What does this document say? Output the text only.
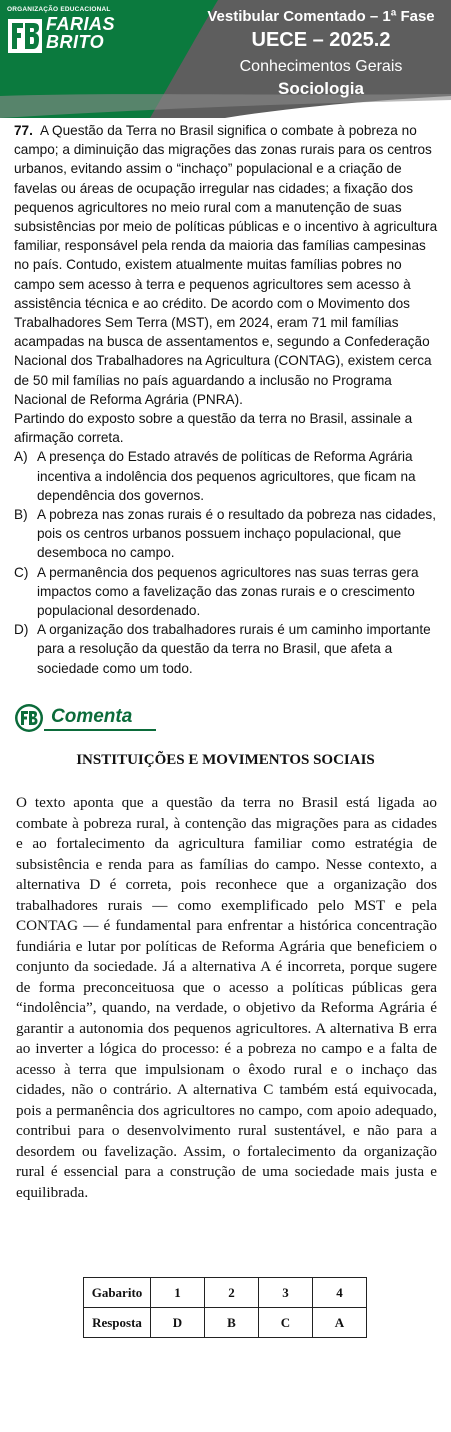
ORGANIZAÇÃO EDUCACIONAL
FARIAS
BRITO
Vestibular Comentado – 1ª Fase
UECE – 2025.2
Conhecimentos Gerais
Sociologia

77. A Questão da Terra no Brasil significa o combate à pobreza no campo; a diminuição das migrações das zonas rurais para os centros urbanos, evitando assim o “inchaço” populacional e a criação de favelas ou áreas de ocupação irregular nas cidades; a fixação dos pequenos agricultores no meio rural com a manutenção de suas subsistências por meio de políticas públicas e o incentivo à agricultura familiar, responsável pela renda da maioria das famílias campesinas no país. Contudo, existem atualmente muitas famílias pobres no campo sem acesso à terra e pequenos agricultores sem acesso à assistência técnica e ao crédito. De acordo com o Movimento dos Trabalhadores Sem Terra (MST), em 2024, eram 71 mil famílias acampadas na busca de assentamentos e, segundo a Confederação Nacional dos Trabalhadores na Agricultura (CONTAG), existem cerca de 50 mil famílias no país aguardando a inclusão no Programa Nacional de Reforma Agrária (PNRA).

Partindo do exposto sobre a questão da terra no Brasil, assinale a afirmação correta.

A) A presença do Estado através de políticas de Reforma Agrária incentiva a indolência dos pequenos agricultores, que ficam na dependência dos governos.
B) A pobreza nas zonas rurais é o resultado da pobreza nas cidades, pois os centros urbanos possuem inchaço populacional, que desemboca no campo.
C) A permanência dos pequenos agricultores nas suas terras gera impactos como a favelização das zonas rurais e o crescimento populacional desordenado.
D) A organização dos trabalhadores rurais é um caminho importante para a resolução da questão da terra no Brasil, que afeta a sociedade como um todo.
Comenta
INSTITUIÇÕES E MOVIMENTOS SOCIAIS

O texto aponta que a questão da terra no Brasil está ligada ao combate à pobreza rural, à contenção das migrações para as cidades e ao fortalecimento da agricultura familiar como estratégia de subsistência e renda para as famílias do campo. Nesse contexto, a alternativa D é correta, pois reconhece que a organização dos trabalhadores rurais — como exemplificado pelo MST e pela CONTAG — é fundamental para enfrentar a histórica concentração fundiária e lutar por políticas de Reforma Agrária que beneficiem o conjunto da sociedade. Já a alternativa A é incorreta, porque sugere de forma preconceituosa que o acesso a políticas públicas gera “indolência”, quando, na verdade, o objetivo da Reforma Agrária é garantir a autonomia dos pequenos agricultores. A alternativa B erra ao inverter a lógica do processo: é a pobreza no campo e a falta de acesso à terra que impulsionam o êxodo rural e o inchaço das cidades, não o contrário. A alternativa C também está equivocada, pois a permanência dos agricultores no campo, com apoio adequado, contribui para o desenvolvimento rural sustentável, e não para a desordem ou favelização. Assim, o fortalecimento da organização rural é essencial para a construção de uma sociedade mais justa e equilibrada.

Gabarito	1	2	3	4
Resposta	D	B	C	A
